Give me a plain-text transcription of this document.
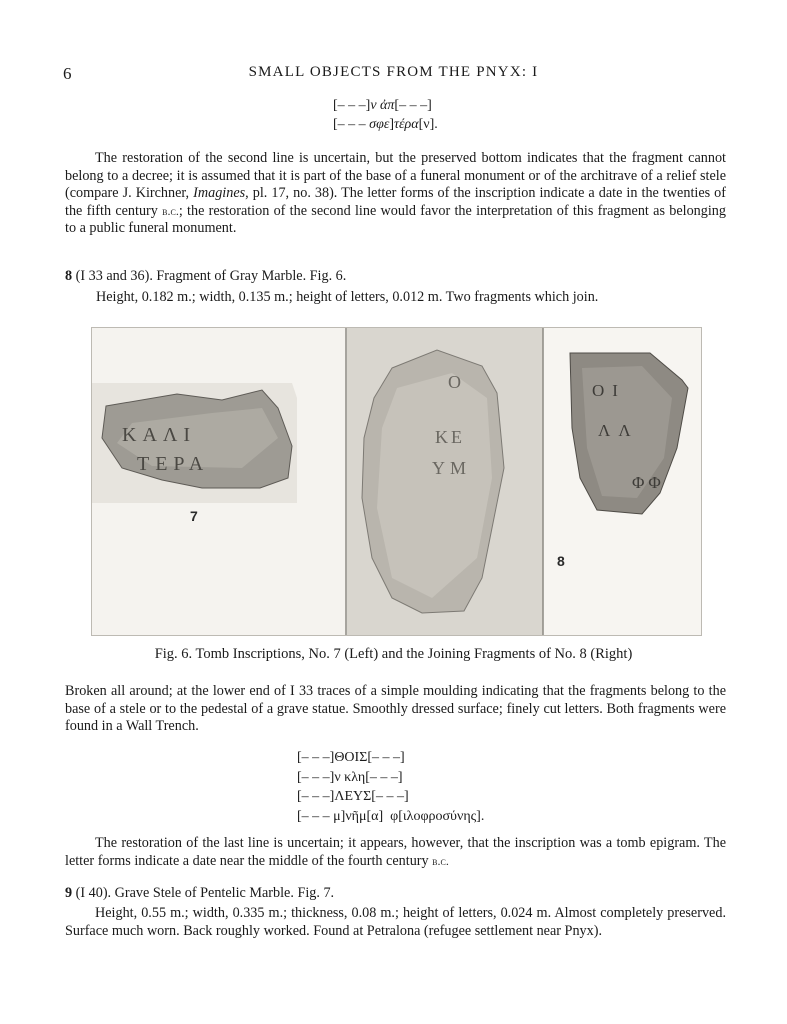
6	SMALL OBJECTS FROM THE PNYX: I
[– – –]ν ἀπ[– – –]
[– – – σφε]τέρα[ν].
The restoration of the second line is uncertain, but the preserved bottom indicates that the fragment cannot belong to a decree; it is assumed that it is part of the base of a funeral monument or of the architrave of a relief stele (compare J. Kirchner, Imagines, pl. 17, no. 38). The letter forms of the inscription indicate a date in the twenties of the fifth century b.c.; the restoration of the second line would favor the interpretation of this fragment as belonging to a public funeral monument.
8 (I 33 and 36). Fragment of Gray Marble. Fig. 6.
Height, 0.182 m.; width, 0.135 m.; height of letters, 0.012 m. Two fragments which join.
ΚΑΛΙ
ΤΕΡΑ
7
Ο
ΚΕ
ΥΜ
ΟΙ
ΛΛ
ΦΦ
8
Fig. 6. Tomb Inscriptions, No. 7 (Left) and the Joining Fragments of No. 8 (Right)
Broken all around; at the lower end of I 33 traces of a simple moulding indicating that the fragments belong to the base of a stele or to the pedestal of a grave statue. Smoothly dressed surface; finely cut letters. Both fragments were found in a Wall Trench.
[– – –]ΘΟΙΣ[– – –]
[– – –]ν κλη[– – –]
[– – –]ΛΕΥΣ[– – –]
[– – – μ]νῆμ[α]  φ[ιλοφροσύνης].
The restoration of the last line is uncertain; it appears, however, that the inscription was a tomb epigram. The letter forms indicate a date near the middle of the fourth century b.c.
9 (I 40). Grave Stele of Pentelic Marble. Fig. 7.
Height, 0.55 m.; width, 0.335 m.; thickness, 0.08 m.; height of letters, 0.024 m. Almost completely preserved. Surface much worn. Back roughly worked. Found at Petralona (refugee settlement near Pnyx).
